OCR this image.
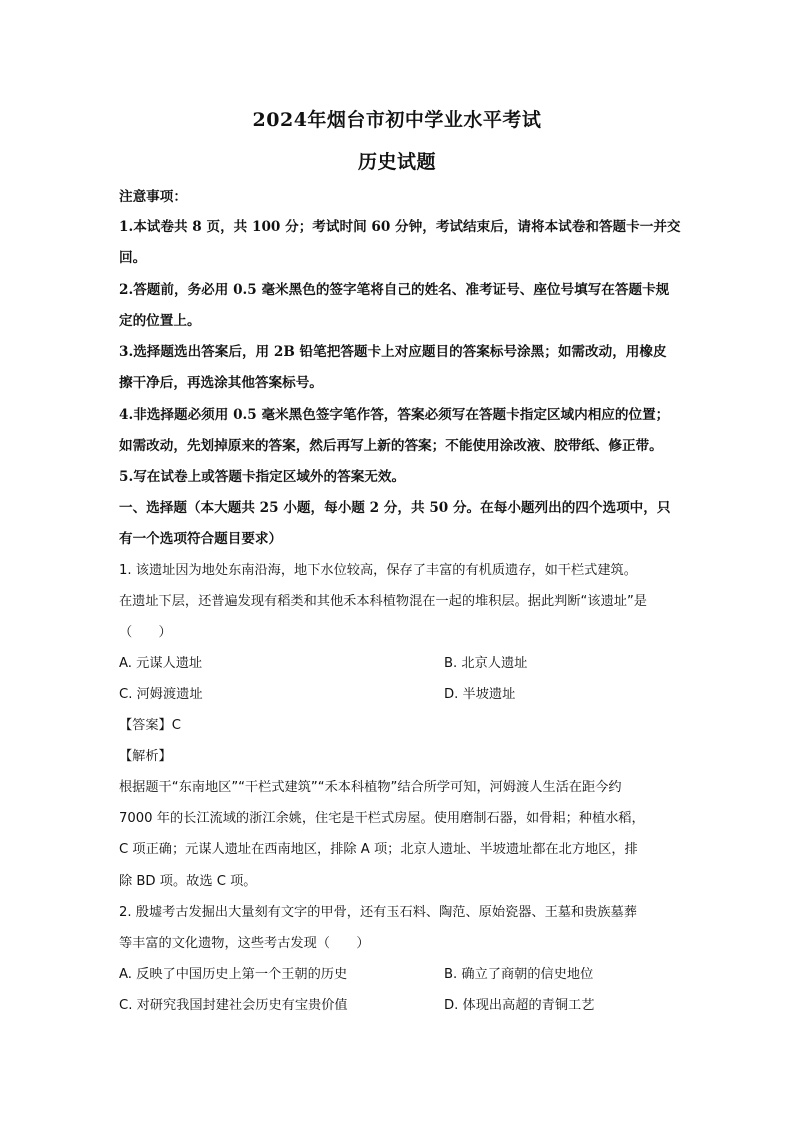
2024年烟台市初中学业水平考试
历史试题
注意事项：
1.本试卷共 8 页，共 100 分；考试时间 60 分钟，考试结束后，请将本试卷和答题卡一并交
回。
2.答题前，务必用 0.5 毫米黑色的签字笔将自己的姓名、准考证号、座位号填写在答题卡规
定的位置上。
3.选择题选出答案后，用 2B 铅笔把答题卡上对应题目的答案标号涂黑；如需改动，用橡皮
擦干净后，再选涂其他答案标号。
4.非选择题必须用 0.5 毫米黑色签字笔作答，答案必须写在答题卡指定区域内相应的位置；
如需改动，先划掉原来的答案，然后再写上新的答案；不能使用涂改液、胶带纸、修正带。
5.写在试卷上或答题卡指定区域外的答案无效。
一、选择题（本大题共 25 小题，每小题 2 分，共 50 分。在每小题列出的四个选项中，只
有一个选项符合题目要求）
1. 该遗址因为地处东南沿海，地下水位较高，保存了丰富的有机质遗存，如干栏式建筑。
在遗址下层，还普遍发现有稻类和其他禾本科植物混在一起的堆积层。据此判断“该遗址”是
（　　）
A. 元谋人遗址	B. 北京人遗址
C. 河姆渡遗址	D. 半坡遗址
【答案】C
【解析】
根据题干“东南地区”“干栏式建筑”“禾本科植物”结合所学可知，河姆渡人生活在距今约
7000 年的长江流域的浙江余姚，住宅是干栏式房屋。使用磨制石器，如骨耜；种植水稻，
C 项正确；元谋人遗址在西南地区，排除 A 项；北京人遗址、半坡遗址都在北方地区，排
除 BD 项。故选 C 项。
2. 殷墟考古发掘出大量刻有文字的甲骨，还有玉石料、陶范、原始瓷器、王墓和贵族墓葬
等丰富的文化遗物，这些考古发现（　　）
A. 反映了中国历史上第一个王朝的历史	B. 确立了商朝的信史地位
C. 对研究我国封建社会历史有宝贵价值	D. 体现出高超的青铜工艺
